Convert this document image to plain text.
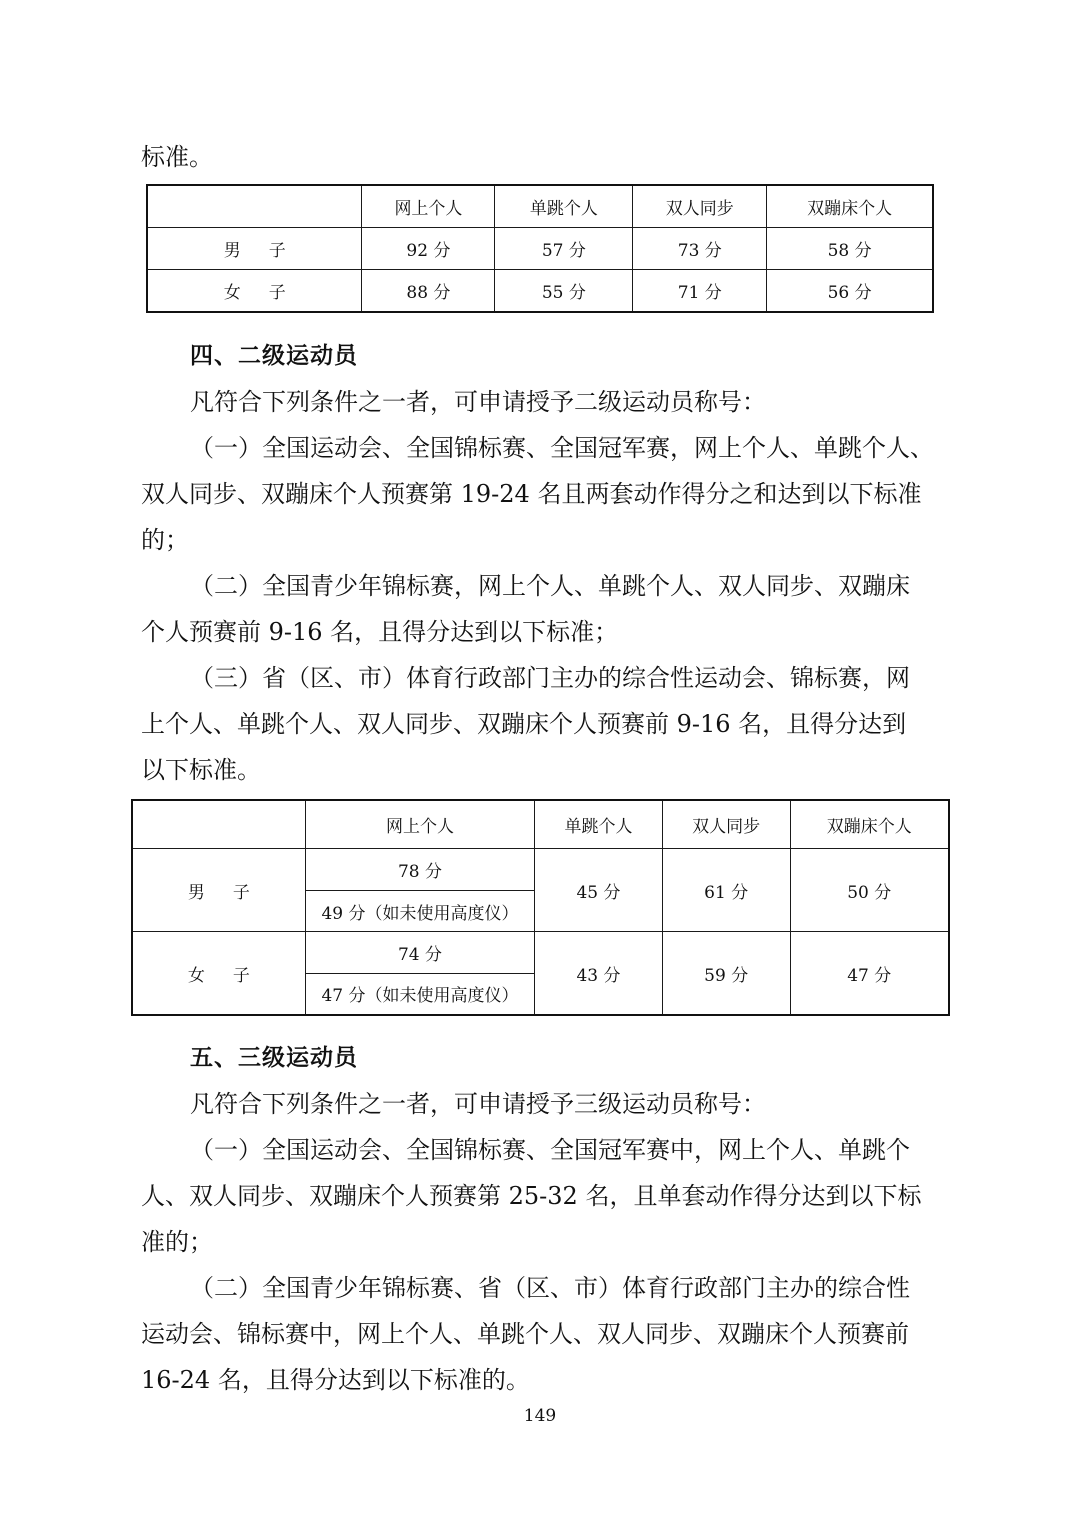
标准。
	网上个人	单跳个人	双人同步	双蹦床个人
男子	92 分	57 分	73 分	58 分
女子	88 分	55 分	71 分	56 分
四、二级运动员
凡符合下列条件之一者，可申请授予二级运动员称号：
（一）全国运动会、全国锦标赛、全国冠军赛，网上个人、单跳个人、
双人同步、双蹦床个人预赛第 19-24 名且两套动作得分之和达到以下标准
的；
（二）全国青少年锦标赛，网上个人、单跳个人、双人同步、双蹦床
个人预赛前 9-16 名，且得分达到以下标准；
（三）省（区、市）体育行政部门主办的综合性运动会、锦标赛，网
上个人、单跳个人、双人同步、双蹦床个人预赛前 9-16 名，且得分达到
以下标准。
	网上个人	单跳个人	双人同步	双蹦床个人
男子	78 分	45 分	61 分	50 分
	49 分（如未使用高度仪）			
女子	74 分	43 分	59 分	47 分
	47 分（如未使用高度仪）			
五、三级运动员
凡符合下列条件之一者，可申请授予三级运动员称号：
（一）全国运动会、全国锦标赛、全国冠军赛中，网上个人、单跳个
人、双人同步、双蹦床个人预赛第 25-32 名，且单套动作得分达到以下标
准的；
（二）全国青少年锦标赛、省（区、市）体育行政部门主办的综合性
运动会、锦标赛中，网上个人、单跳个人、双人同步、双蹦床个人预赛前
16-24 名，且得分达到以下标准的。
149
